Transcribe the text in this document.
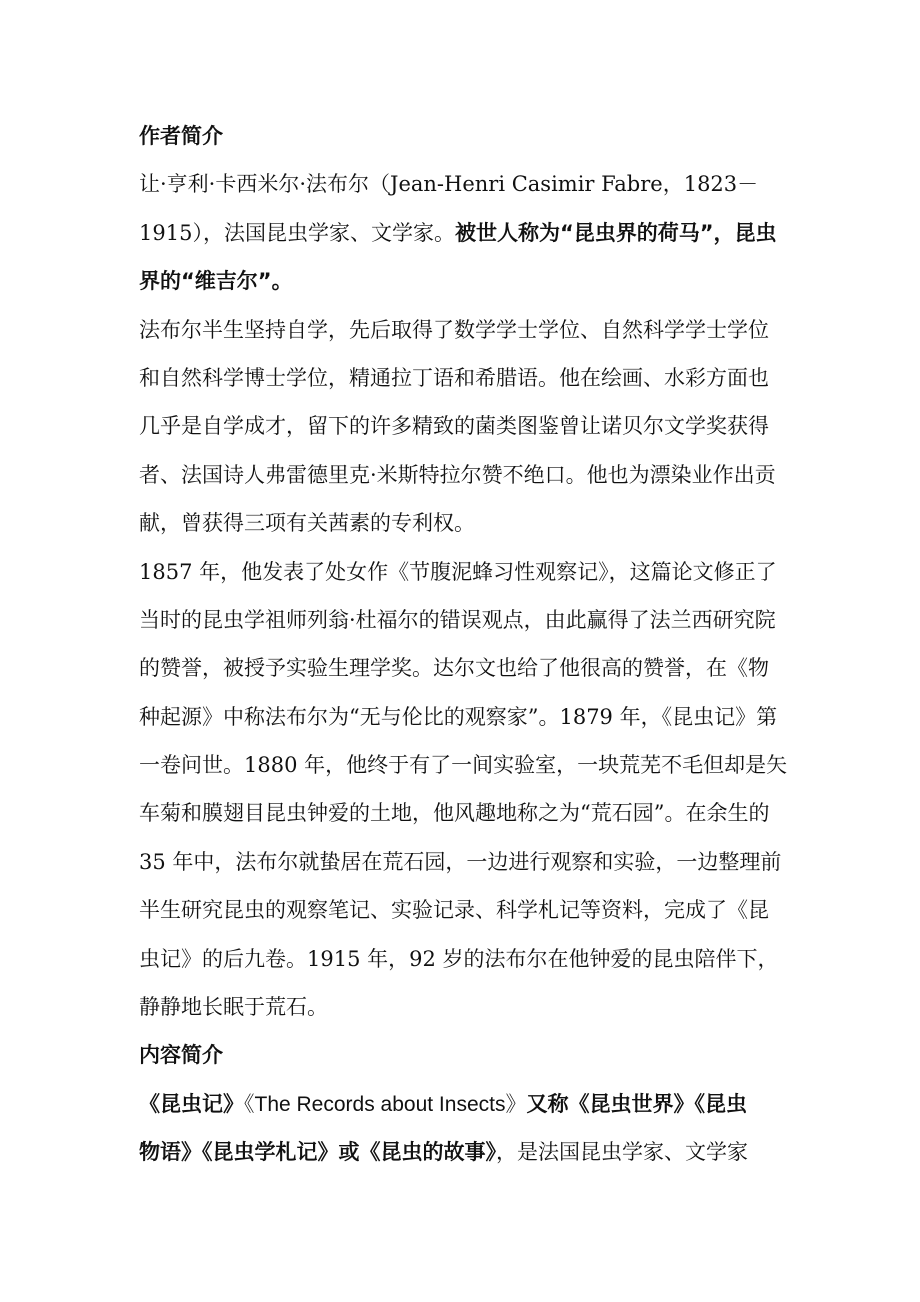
作者简介
让·亨利·卡西米尔·法布尔（Jean-Henri Casimir Fabre，1823－
1915），法国昆虫学家、文学家。被世人称为“昆虫界的荷马”，昆虫
界的“维吉尔”。
法布尔半生坚持自学，先后取得了数学学士学位、自然科学学士学位
和自然科学博士学位，精通拉丁语和希腊语。他在绘画、水彩方面也
几乎是自学成才，留下的许多精致的菌类图鉴曾让诺贝尔文学奖获得
者、法国诗人弗雷德里克·米斯特拉尔赞不绝口。他也为漂染业作出贡
献，曾获得三项有关茜素的专利权。
1857 年，他发表了处女作《节腹泥蜂习性观察记》，这篇论文修正了
当时的昆虫学祖师列翁·杜福尔的错误观点，由此赢得了法兰西研究院
的赞誉，被授予实验生理学奖。达尔文也给了他很高的赞誉，在《物
种起源》中称法布尔为“无与伦比的观察家”。1879 年，《昆虫记》第
一卷问世。1880 年，他终于有了一间实验室，一块荒芜不毛但却是矢
车菊和膜翅目昆虫钟爱的土地，他风趣地称之为“荒石园”。在余生的
35 年中，法布尔就蛰居在荒石园，一边进行观察和实验，一边整理前
半生研究昆虫的观察笔记、实验记录、科学札记等资料，完成了《昆
虫记》的后九卷。1915 年，92 岁的法布尔在他钟爱的昆虫陪伴下，
静静地长眠于荒石。
内容简介
《昆虫记》《The Records about Insects》又称《昆虫世界》《昆虫
物语》《昆虫学札记》或《昆虫的故事》，是法国昆虫学家、文学家
